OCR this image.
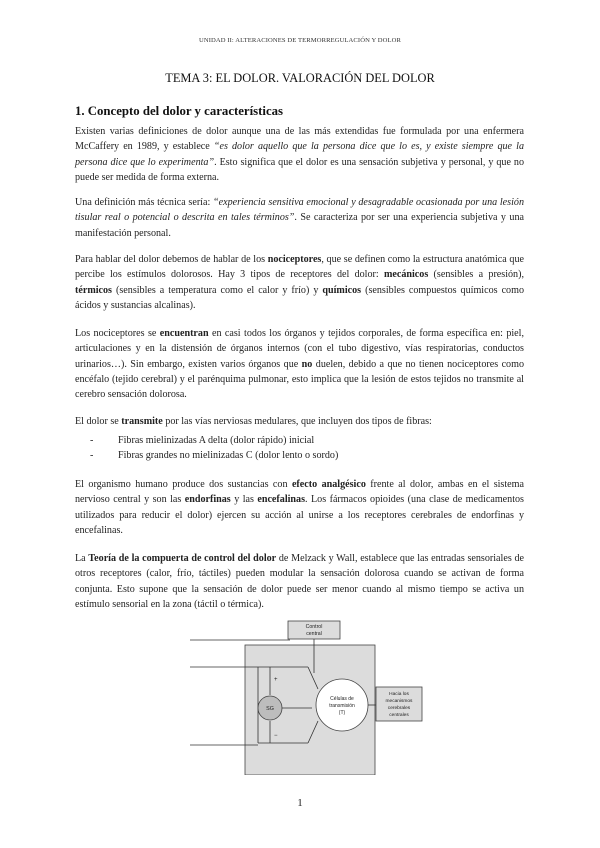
UNIDAD II: ALTERACIONES DE TERMORREGULACIÓN Y DOLOR
TEMA 3: EL DOLOR. VALORACIÓN DEL DOLOR
1. Concepto del dolor y características

Existen varias definiciones de dolor aunque una de las más extendidas fue formulada por una enfermera McCaffery en 1989, y establece “es dolor aquello que la persona dice que lo es, y existe siempre que la persona dice que lo experimenta”. Esto significa que el dolor es una sensación subjetiva y personal, y que no puede ser medida de forma externa.

Una definición más técnica sería: “experiencia sensitiva emocional y desagradable ocasionada por una lesión tisular real o potencial o descrita en tales términos”. Se caracteriza por ser una experiencia subjetiva y una manifestación personal.

Para hablar del dolor debemos de hablar de los nociceptores, que se definen como la estructura anatómica que percibe los estímulos dolorosos. Hay 3 tipos de receptores del dolor: mecánicos (sensibles a presión), térmicos (sensibles a temperatura como el calor y frío) y químicos (sensibles compuestos químicos como ácidos y sustancias alcalinas).

Los nociceptores se encuentran en casi todos los órganos y tejidos corporales, de forma específica en: piel, articulaciones y en la distensión de órganos internos (con el tubo digestivo, vías respiratorias, conductos urinarios…). Sin embargo, existen varios órganos que no duelen, debido a que no tienen nociceptores como encéfalo (tejido cerebral) y el parénquima pulmonar, esto implica que la lesión de estos tejidos no transmite al cerebro sensación dolorosa.

El dolor se transmite por las vías nerviosas medulares, que incluyen dos tipos de fibras:

- Fibras mielinizadas A delta (dolor rápido) inicial
- Fibras grandes no mielinizadas C (dolor lento o sordo)

El organismo humano produce dos sustancias con efecto analgésico frente al dolor, ambas en el sistema nervioso central y son las endorfinas y las encefalinas. Los fármacos opioides (una clase de medicamentos utilizados para reducir el dolor) ejercen su acción al unirse a los receptores cerebrales de endorfinas y encefalinas.

La Teoría de la compuerta de control del dolor de Melzack y Wall, establece que las entradas sensoriales de otros receptores (calor, frío, táctiles) pueden modular la sensación dolorosa cuando se activan de forma conjunta. Esto supone que la sensación de dolor puede ser menor cuando al mismo tiempo se activa un estímulo sensorial en la zona (táctil o térmica).

Control
central
SG
+
−
Células de
transmisión
(T)
Hacia los
mecanismos
cerebrales
centrales
1
